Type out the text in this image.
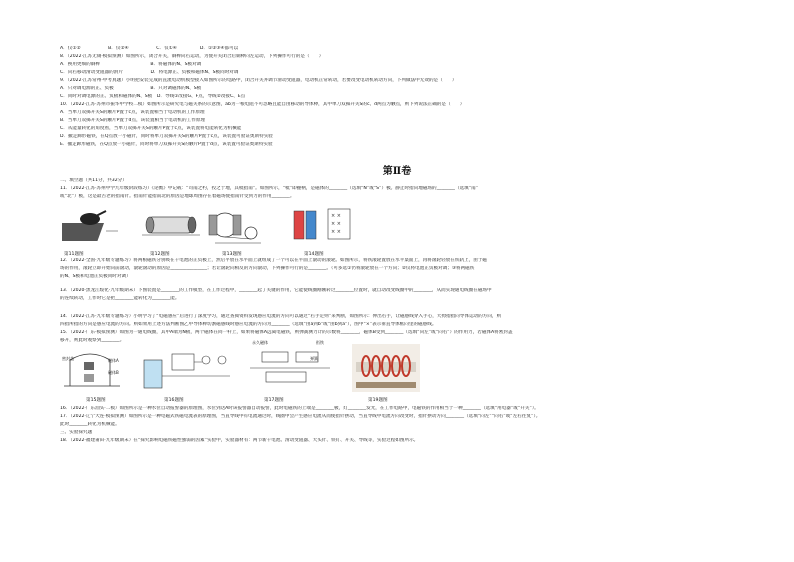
A．仅①②　　　　　　B．仅②④　　　　　　C．仅①④　　　　　D．①②③④都可以
8．（2022·江苏无锡·模拟预测）如图所示，闭合开关，铜棒向右运动，为使开关闭合后铜棒向左运动，下列操作可行的是（　　）
A．换用更细的铜棒　　　　　　　　　　　B．将磁体的N、S极对调
C．向右移动滑动变阻器的滑片　　　　　　D．将电源正、负极和磁体N、S极同时对调
9．（2022·江苏常州·中考真题）小明把安装完成的直流电动机模型接入如图所示的电路中，闭合开关并调节滑动变阻器，电动机正常转动，若要改变电动机转动方向，下列做法中无效的是（　　）
A．只对调电源的正、负极　　　　　　　　B．只对调磁体的N、S极
C．同时对调电源的正、负极和磁体的N、S极　D．导线①改接G、F点，导线②改接C、E点
10．（2022·江苏·苏州市振华中学校二模）如图所示是研究电与磁关系的示意图，ab为一根电阻不可忽略且能自由移动的导体棒，其中单刀双掷开关S的c、d两点为触点，则下列说法正确的是（　　）
A．当单刀双掷开关S的触片P置于c点，该装置相当于电动机的工作原理
B．当单刀双掷开关S的触片P置于d点，该装置相当于电动机的工作原理
C．从能量转化的角度看，当单刀双掷开关S的触片P置于c点，该装置将电能转化为机械能
D．撤走蹄形磁铁，在Q点放一小磁针，同时将单刀双掷开关S的触片P置于c点，该装置可验证奥斯特实验
E．撤走蹄形磁铁，在Q点放一小磁针，同时将单刀双掷开关S的触片P置于d点，该装置可验证奥斯特实验
第Ⅱ卷
二、填空题（共11分，共32分）
11．（2022·江苏·苏州中学九年级阶段练习）《论衡》中记载：“司南之杓，投之于地，其柢指南”。如图所示，“柢”即握柄，是磁体的________（选填“N”或“S”）极。静止时指向地磁场的________（选填“南”
或“北”）极，这是最古老的指南针。指南针能指南北的原因是地球周围存在着磁场使指南针受到力的作用________。
× ×
× ×
× ×
第11题图	第12题图	第13题图	第14题图
12．（2022·全国·九年级专题练习）将两根磁铁分别吸在干电池的正负极上，然后平放在水平面上就组成了一个可以在平面上滚动的滚轮。如图所示，将铁滚轮置放在水平桌面上，再将滚轮轻放在铁轨上，由于磁
场的作用，滚轮立即开始向前滚动，滚轮滚动的原因是________________；若让滚轮向相反的方向滚动，下列操作可行的是________。（可多选①仍将滚轮放在一个方向；②仅将电池正负极对调；③将两磁铁
的N、S极和电池正负极同时对调）
13．（2020·黑龙江绥化·九年级期末）下图装置是________的工作模型，在工作过程中，________起了关键的作用，它能使线圈刚刚转过________位置时，就自动改变线圈中的________，从而实现通电线圈在磁场中
的连续转动，工作时它是把________能转化为________能。
14．（2022·江苏·九年级专题练习）小明学习了“电磁感应”后进行了深度学习，通过查阅资料发现感应电流的方向可以通过“右手定则”来判断，如图所示：伸出右手，让磁感线穿入手心，大拇指指向导体运动的方向，则
四指所指的方向是感应电流的方向。则如果用上述方法判断图乙中导体棒切割磁感线时感应电流的方向为________（选填“由a到b”或“由b到a”），图甲“×”表示垂直导体框向里的磁感线。
15．（2022·广东·模拟预测）如图为一通电线圈，其中A端为N极，两个磁体在同一杆上，如果将磁体A远离电磁铁，则弹簧测力计的示数将________，磁体B受到________（选填“向左”或“向右”）的作用力，若磁体A将密封盖
移开，则此时观察到________。
密封盖	磁体A
磁体B
永久磁体	衔铁
弹簧
第15题图	第16题图	第17题图	第19题图
16．（2022·广东汕头·二模）如图所示是一种水位自动报警器的原理图，水位到达A时该报警器自动报警，此时电磁铁的上端是________极，灯________发光，在工作电路中，电磁铁的作用相当于一种________（选填“用电器”或“开关”）。
17．（2022·辽宁大连·模拟预测）如图所示是一种电磁式铁磁电流表的原理图，当直导线中有电流通过时，线圈中会产生感应电流从而使指针摆动，当直导线中电流方向改变时，指针摆动方向________（选填“向左”“向右”或“左右往复”）。
此时________转化为机械能。
三、实验探究题
18．（2022·福建莆田·九年级期末）在“探究影响电磁铁磁性强弱的因素”实验中，实验器材有：两节新干电池、滑动变阻器、大头针、铁钉、开关、导线等，实验过程如图所示。
